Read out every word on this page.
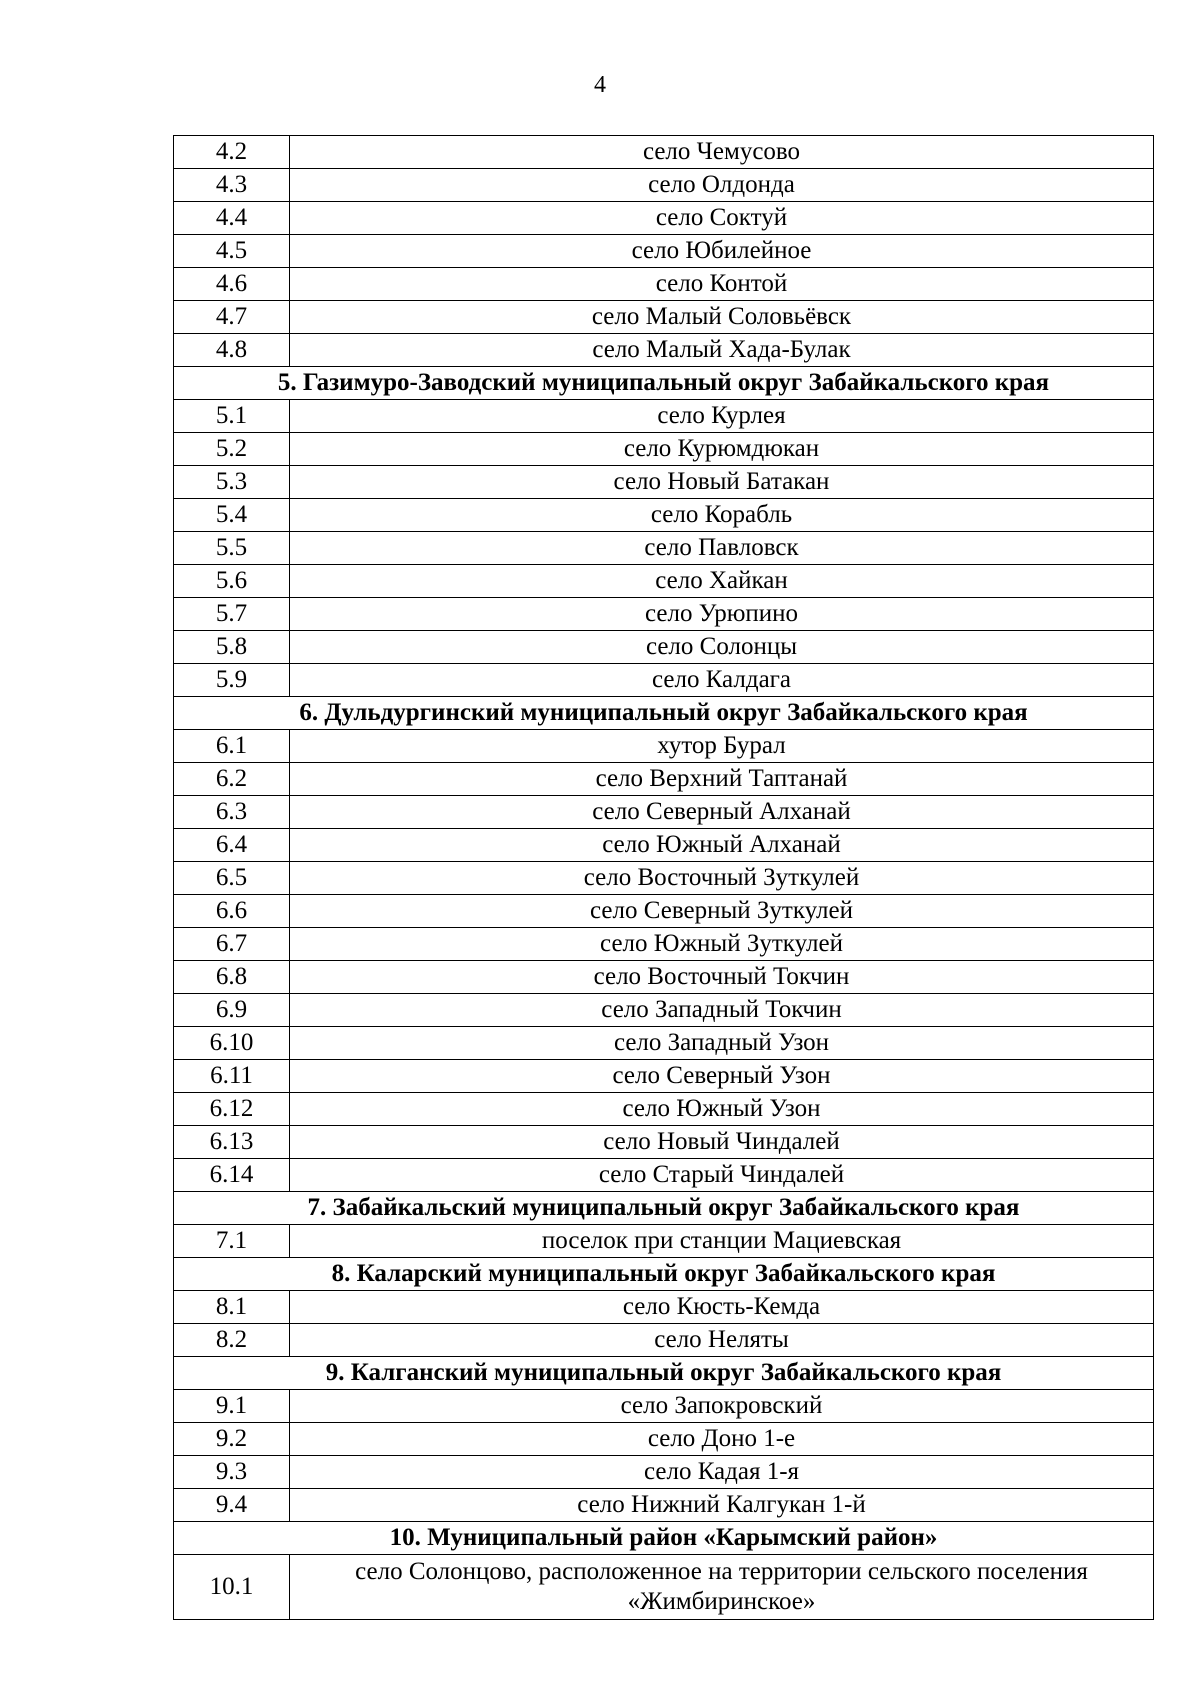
4
4.2	село Чемусово
4.3	село Олдонда
4.4	село Соктуй
4.5	село Юбилейное
4.6	село Контой
4.7	село Малый Соловьёвск
4.8	село Малый Хада-Булак
5. Газимуро-Заводский муниципальный округ Забайкальского края	
5.1	село Курлея
5.2	село Курюмдюкан
5.3	село Новый Батакан
5.4	село Корабль
5.5	село Павловск
5.6	село Хайкан
5.7	село Урюпино
5.8	село Солонцы
5.9	село Калдага
6. Дульдургинский муниципальный округ Забайкальского края	
6.1	хутор Бурал
6.2	село Верхний Таптанай
6.3	село Северный Алханай
6.4	село Южный Алханай
6.5	село Восточный Зуткулей
6.6	село Северный Зуткулей
6.7	село Южный Зуткулей
6.8	село Восточный Токчин
6.9	село Западный Токчин
6.10	село Западный Узон
6.11	село Северный Узон
6.12	село Южный Узон
6.13	село Новый Чиндалей
6.14	село Старый Чиндалей
7. Забайкальский муниципальный округ Забайкальского края	
7.1	поселок при станции Мациевская
8. Каларский муниципальный округ Забайкальского края	
8.1	село Кюсть-Кемда
8.2	село Неляты
9. Калганский муниципальный округ Забайкальского края	
9.1	село Запокровский
9.2	село Доно 1-е
9.3	село Кадая 1-я
9.4	село Нижний Калгукан 1-й
10. Муниципальный район «Карымский район»	
10.1	село Солонцово, расположенное на территории сельского поселения «Жимбиринское»
